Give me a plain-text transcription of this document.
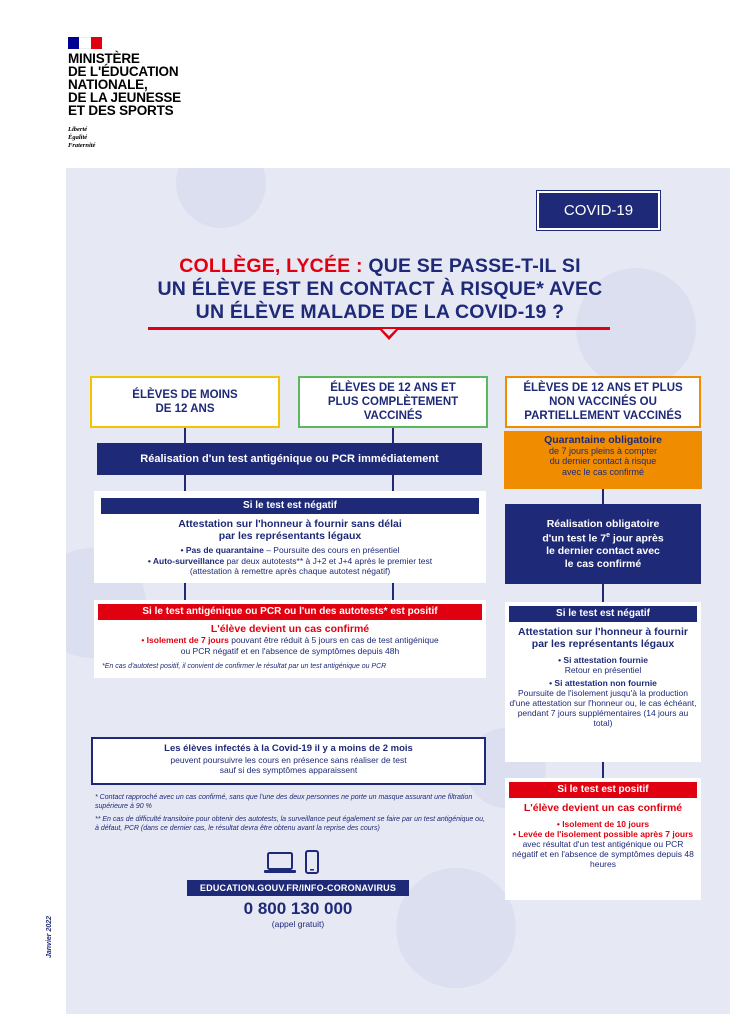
MINISTÈRE
DE L'ÉDUCATION
NATIONALE,
DE LA JEUNESSE
ET DES SPORTS
Liberté
Égalité
Fraternité
COVID-19
COLLÈGE, LYCÉE : QUE SE PASSE-T-IL SI
UN ÉLÈVE EST EN CONTACT À RISQUE* AVEC
UN ÉLÈVE MALADE DE LA COVID-19 ?
ÉLÈVES DE MOINS DE 12 ANS
ÉLÈVES DE 12 ANS ET PLUS COMPLÈTEMENT VACCINÉS
ÉLÈVES DE 12 ANS ET PLUS NON VACCINÉS OU PARTIELLEMENT VACCINÉS
Réalisation d'un test antigénique ou PCR immédiatement
Si le test est négatif
Attestation sur l'honneur à fournir sans délai
par les représentants légaux
• Pas de quarantaine – Poursuite des cours en présentiel
• Auto-surveillance par deux autotests** à J+2 et J+4 après le premier test
(attestation à remettre après chaque autotest négatif)
Si le test antigénique ou PCR ou l'un des autotests* est positif
L'élève devient un cas confirmé
• Isolement de 7 jours pouvant être réduit à 5 jours en cas de test antigénique
ou PCR négatif et en l'absence de symptômes depuis 48h
*En cas d'autotest positif, il convient de confirmer le résultat par un test antigénique ou PCR
Les élèves infectés à la Covid-19 il y a moins de 2 mois
peuvent poursuivre les cours en présence sans réaliser de test
sauf si des symptômes apparaissent

* Contact rapproché avec un cas confirmé, sans que l'une des deux personnes ne porte un masque assurant une filtration supérieure à 90 %

** En cas de difficulté transitoire pour obtenir des autotests, la surveillance peut également se faire par un test antigénique ou, à défaut, PCR (dans ce dernier cas, le résultat devra être obtenu avant la reprise des cours)

EDUCATION.GOUV.FR/INFO-CORONAVIRUS
0 800 130 000
(appel gratuit)
Quarantaine obligatoire
de 7 jours pleins à compter
du dernier contact à risque
avec le cas confirmé
Réalisation obligatoire
d'un test le 7e jour après
le dernier contact avec
le cas confirmé
Si le test est négatif
Attestation sur l'honneur à fournir par les représentants légaux
• Si attestation fournie
Retour en présentiel
• Si attestation non fournie
Poursuite de l'isolement jusqu'à la production d'une attestation sur l'honneur ou, le cas échéant, pendant 7 jours supplémentaires (14 jours au total)
Si le test est positif
L'élève devient un cas confirmé
• Isolement de 10 jours
• Levée de l'isolement possible après 7 jours
avec résultat d'un test antigénique ou PCR négatif et en l'absence de symptômes depuis 48 heures
Janvier 2022
